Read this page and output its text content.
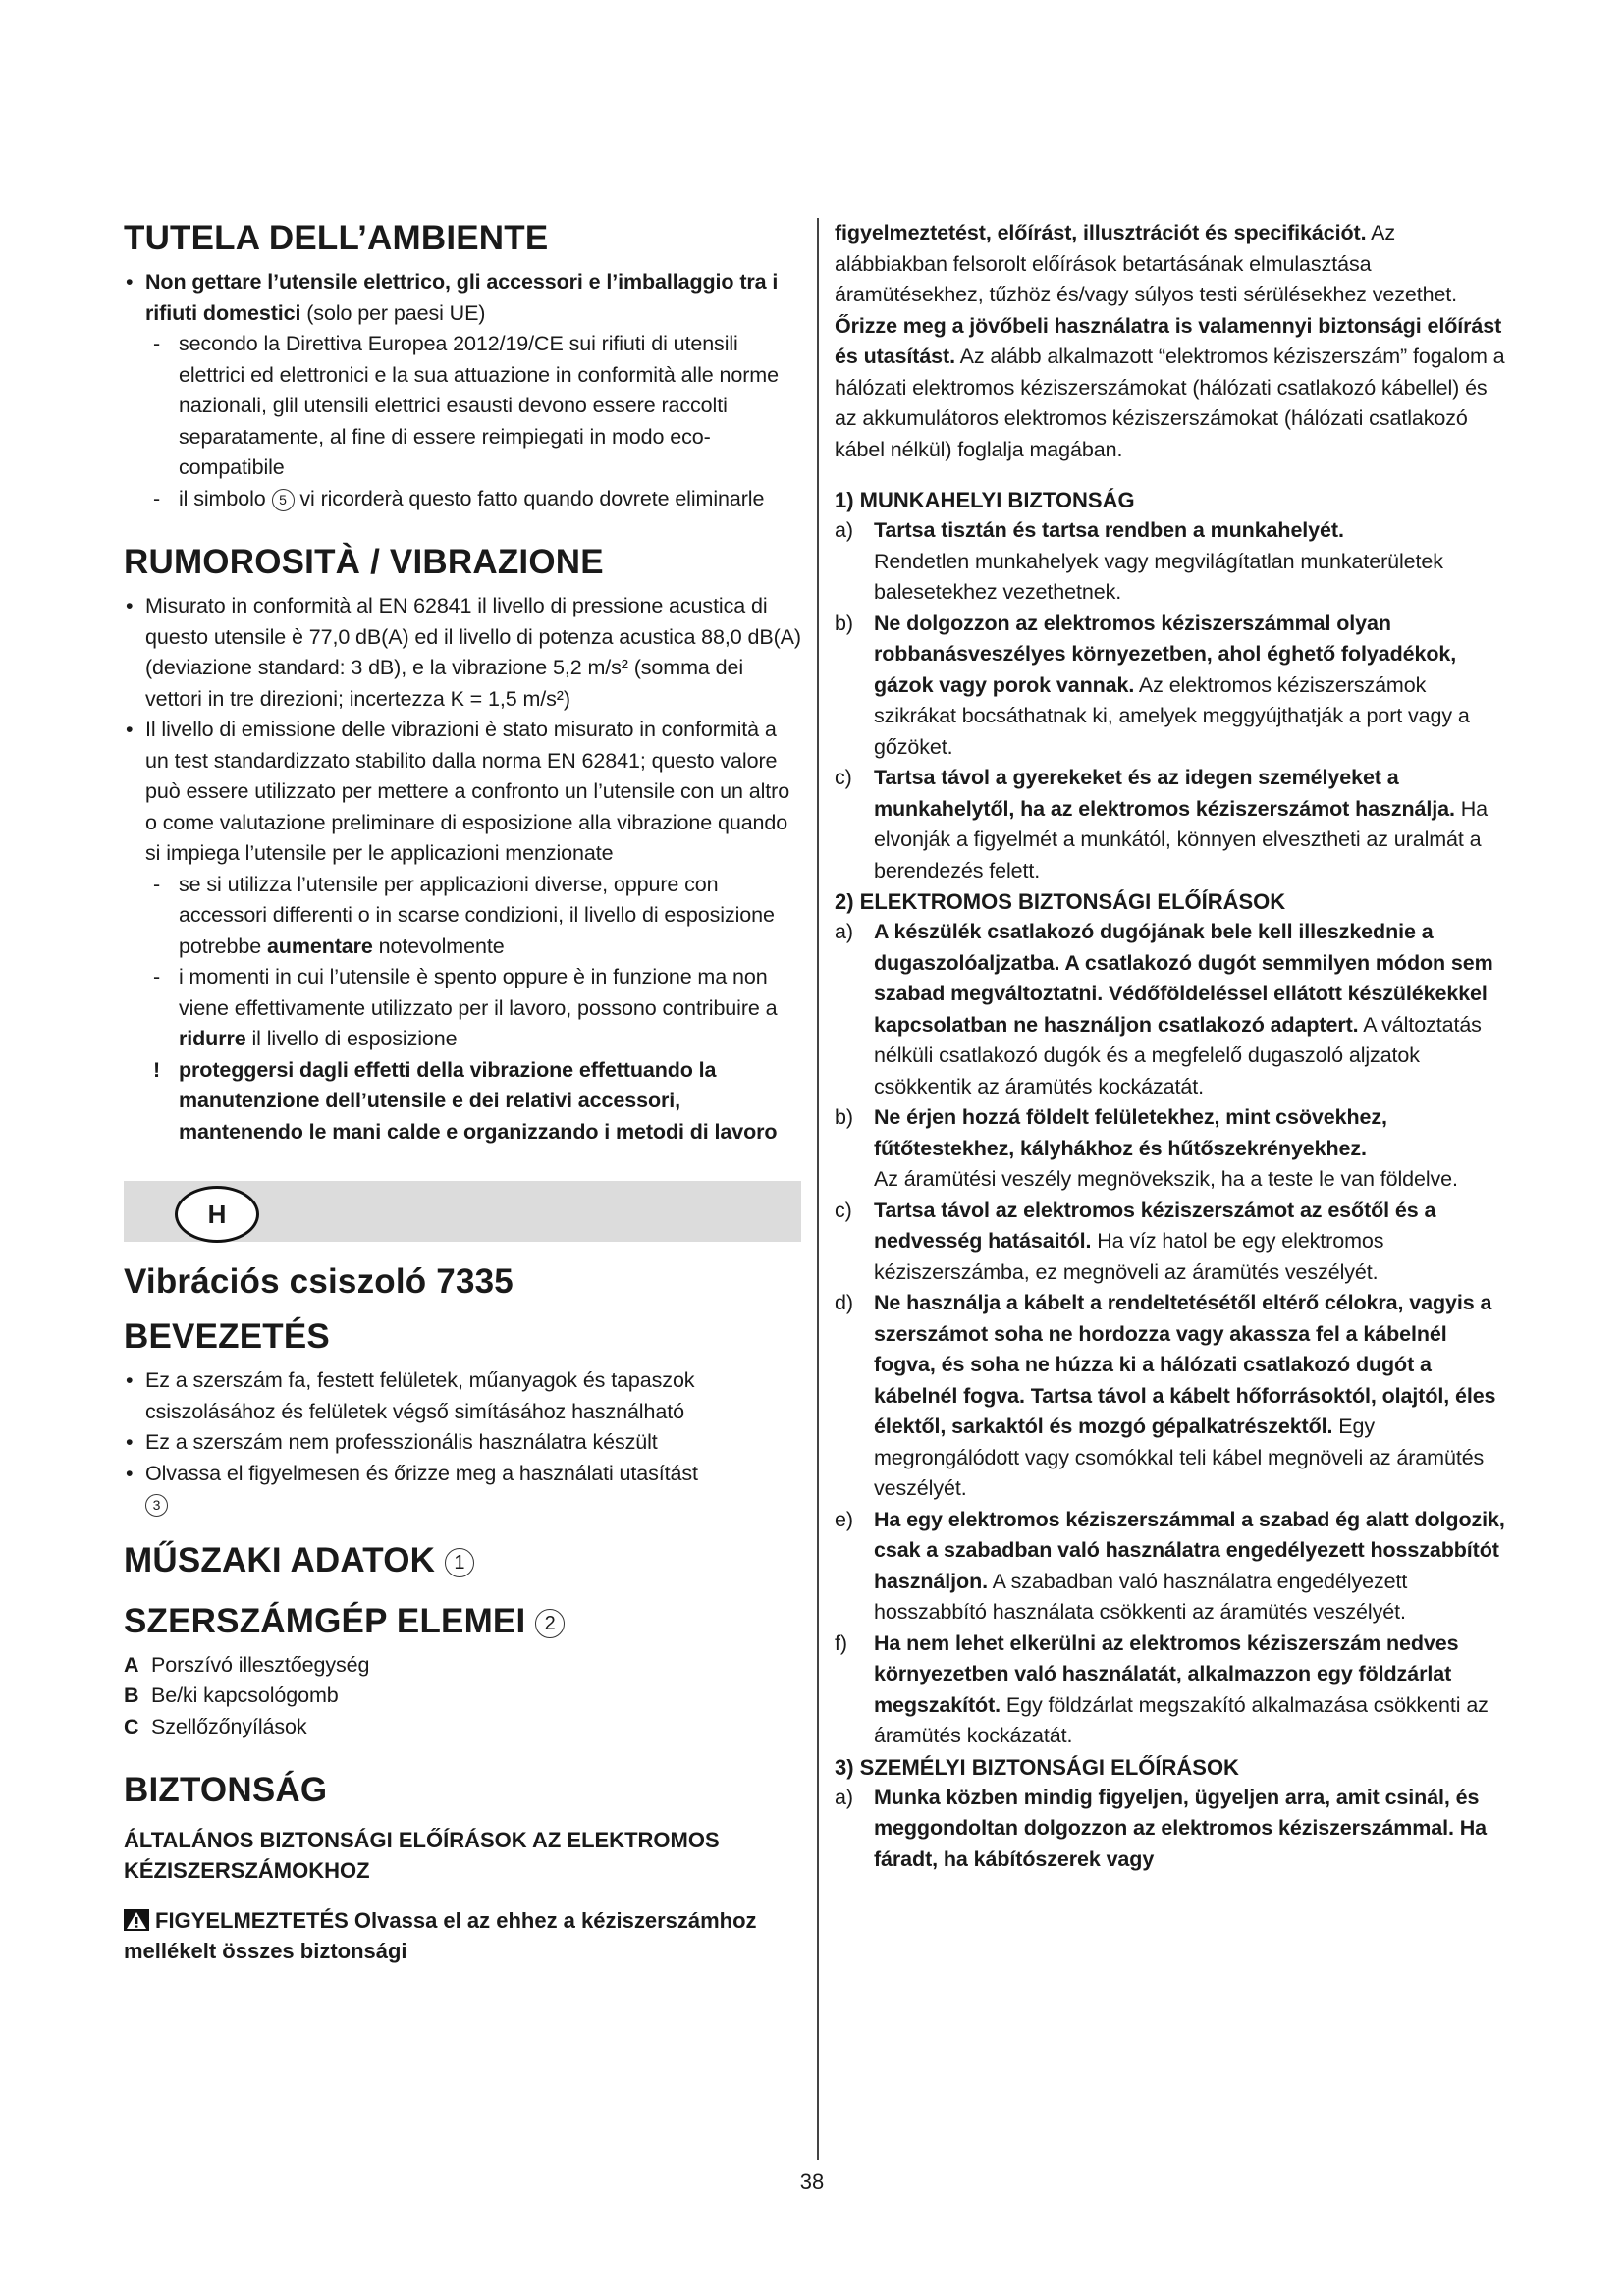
TUTELA DELL’AMBIENTE
• Non gettare l’utensile elettrico, gli accessori e l’imballaggio tra i rifiuti domestici (solo per paesi UE)
- secondo la Direttiva Europea 2012/19/CE sui rifiuti di utensili elettrici ed elettronici e la sua attuazione in conformità alle norme nazionali, glil utensili elettrici esausti devono essere raccolti separatamente, al fine di essere reimpiegati in modo eco-compatibile
- il simbolo 5 vi ricorderà questo fatto quando dovrete eliminarle
RUMOROSITÀ / VIBRAZIONE
• Misurato in conformità al EN 62841 il livello di pressione acustica di questo utensile è 77,0 dB(A) ed il livello di potenza acustica 88,0 dB(A) (deviazione standard: 3 dB), e la vibrazione 5,2 m/s² (somma dei vettori in tre direzioni; incertezza K = 1,5 m/s²)
• Il livello di emissione delle vibrazioni è stato misurato in conformità a un test standardizzato stabilito dalla norma EN 62841; questo valore può essere utilizzato per mettere a confronto un l’utensile con un altro o come valutazione preliminare di esposizione alla vibrazione quando si impiega l’utensile per le applicazioni menzionate
- se si utilizza l’utensile per applicazioni diverse, oppure con accessori differenti o in scarse condizioni, il livello di esposizione potrebbe aumentare notevolmente
- i momenti in cui l’utensile è spento oppure è in funzione ma non viene effettivamente utilizzato per il lavoro, possono contribuire a ridurre il livello di esposizione
! proteggersi dagli effetti della vibrazione effettuando la manutenzione dell’utensile e dei relativi accessori, mantenendo le mani calde e organizzando i metodi di lavoro
H
Vibrációs csiszoló 7335
BEVEZETÉS
• Ez a szerszám fa, festett felületek, műanyagok és tapaszok csiszolásához és felületek végső simításához használható
• Ez a szerszám nem professzionális használatra készült
• Olvassa el figyelmesen és őrizze meg a használati utasítást
3
MŰSZAKI ADATOK 1
SZERSZÁMGÉP ELEMEI 2
A Porszívó illesztőegység
B Be/ki kapcsológomb
C Szellőzőnyílások
BIZTONSÁG
ÁLTALÁNOS BIZTONSÁGI ELŐÍRÁSOK AZ ELEKTROMOS KÉZISZERSZÁMOKHOZ
FIGYELMEZTETÉS Olvassa el az ehhez a kéziszerszámhoz mellékelt összes biztonsági
figyelmeztetést, előírást, illusztrációt és specifikációt. Az alábbiakban felsorolt előírások betartásának elmulasztása áramütésekhez, tűzhöz és/vagy súlyos testi sérülésekhez vezethet. Őrizze meg a jövőbeli használatra is valamennyi biztonsági előírást és utasítást. Az alább alkalmazott “elektromos kéziszerszám” fogalom a hálózati elektromos kéziszerszámokat (hálózati csatlakozó kábellel) és az akkumulátoros elektromos kéziszerszámokat (hálózati csatlakozó kábel nélkül) foglalja magában.
1) MUNKAHELYI BIZTONSÁG
a) Tartsa tisztán és tartsa rendben a munkahelyét.
Rendetlen munkahelyek vagy megvilágítatlan munkaterületek balesetekhez vezethetnek.
b) Ne dolgozzon az elektromos kéziszerszámmal olyan robbanásveszélyes környezetben, ahol éghető folyadékok, gázok vagy porok vannak. Az elektromos kéziszerszámok szikrákat bocsáthatnak ki, amelyek meggyújthatják a port vagy a gőzöket.
c) Tartsa távol a gyerekeket és az idegen személyeket a munkahelytől, ha az elektromos kéziszerszámot használja. Ha elvonják a figyelmét a munkától, könnyen elvesztheti az uralmát a berendezés felett.
2) ELEKTROMOS BIZTONSÁGI ELŐÍRÁSOK
a) A készülék csatlakozó dugójának bele kell illeszkednie a dugaszolóaljzatba. A csatlakozó dugót semmilyen módon sem szabad megváltoztatni. Védőföldeléssel ellátott készülékekkel kapcsolatban ne használjon csatlakozó adaptert. A változtatás nélküli csatlakozó dugók és a megfelelő dugaszoló aljzatok csökkentik az áramütés kockázatát.
b) Ne érjen hozzá földelt felületekhez, mint csövekhez, fűtőtestekhez, kályhákhoz és hűtőszekrényekhez.
Az áramütési veszély megnövekszik, ha a teste le van földelve.
c) Tartsa távol az elektromos kéziszerszámot az esőtől és a nedvesség hatásaitól. Ha víz hatol be egy elektromos kéziszerszámba, ez megnöveli az áramütés veszélyét.
d) Ne használja a kábelt a rendeltetésétől eltérő célokra, vagyis a szerszámot soha ne hordozza vagy akassza fel a kábelnél fogva, és soha ne húzza ki a hálózati csatlakozó dugót a kábelnél fogva. Tartsa távol a kábelt hőforrásoktól, olajtól, éles élektől, sarkaktól és mozgó gépalkatrészektől. Egy megrongálódott vagy csomókkal teli kábel megnöveli az áramütés veszélyét.
e) Ha egy elektromos kéziszerszámmal a szabad ég alatt dolgozik, csak a szabadban való használatra engedélyezett hosszabbítót használjon. A szabadban való használatra engedélyezett hosszabbító használata csökkenti az áramütés veszélyét.
f) Ha nem lehet elkerülni az elektromos kéziszerszám nedves környezetben való használatát, alkalmazzon egy földzárlat megszakítót. Egy földzárlat megszakító alkalmazása csökkenti az áramütés kockázatát.
3) SZEMÉLYI BIZTONSÁGI ELŐÍRÁSOK
a) Munka közben mindig figyeljen, ügyeljen arra, amit csinál, és meggondoltan dolgozzon az elektromos kéziszerszámmal. Ha fáradt, ha kábítószerek vagy
38
